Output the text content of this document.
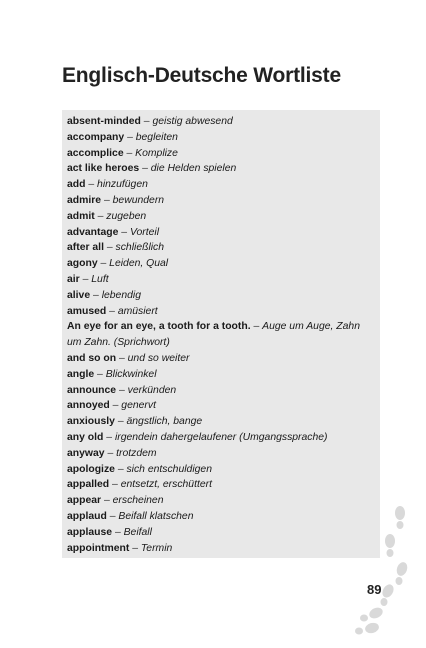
Englisch-Deutsche Wortliste
absent-minded – geistig abwesend
accompany – begleiten
accomplice – Komplize
act like heroes – die Helden spielen
add – hinzufügen
admire – bewundern
admit – zugeben
advantage – Vorteil
after all – schließlich
agony – Leiden, Qual
air – Luft
alive – lebendig
amused – amüsiert
An eye for an eye, a tooth for a tooth. – Auge um Auge, Zahn um Zahn. (Sprichwort)
and so on – und so weiter
angle – Blickwinkel
announce – verkünden
annoyed – genervt
anxiously – ängstlich, bange
any old – irgendein dahergelaufener (Umgangssprache)
anyway – trotzdem
apologize – sich entschuldigen
appalled – entsetzt, erschüttert
appear – erscheinen
applaud – Beifall klatschen
applause – Beifall
appointment – Termin
89
